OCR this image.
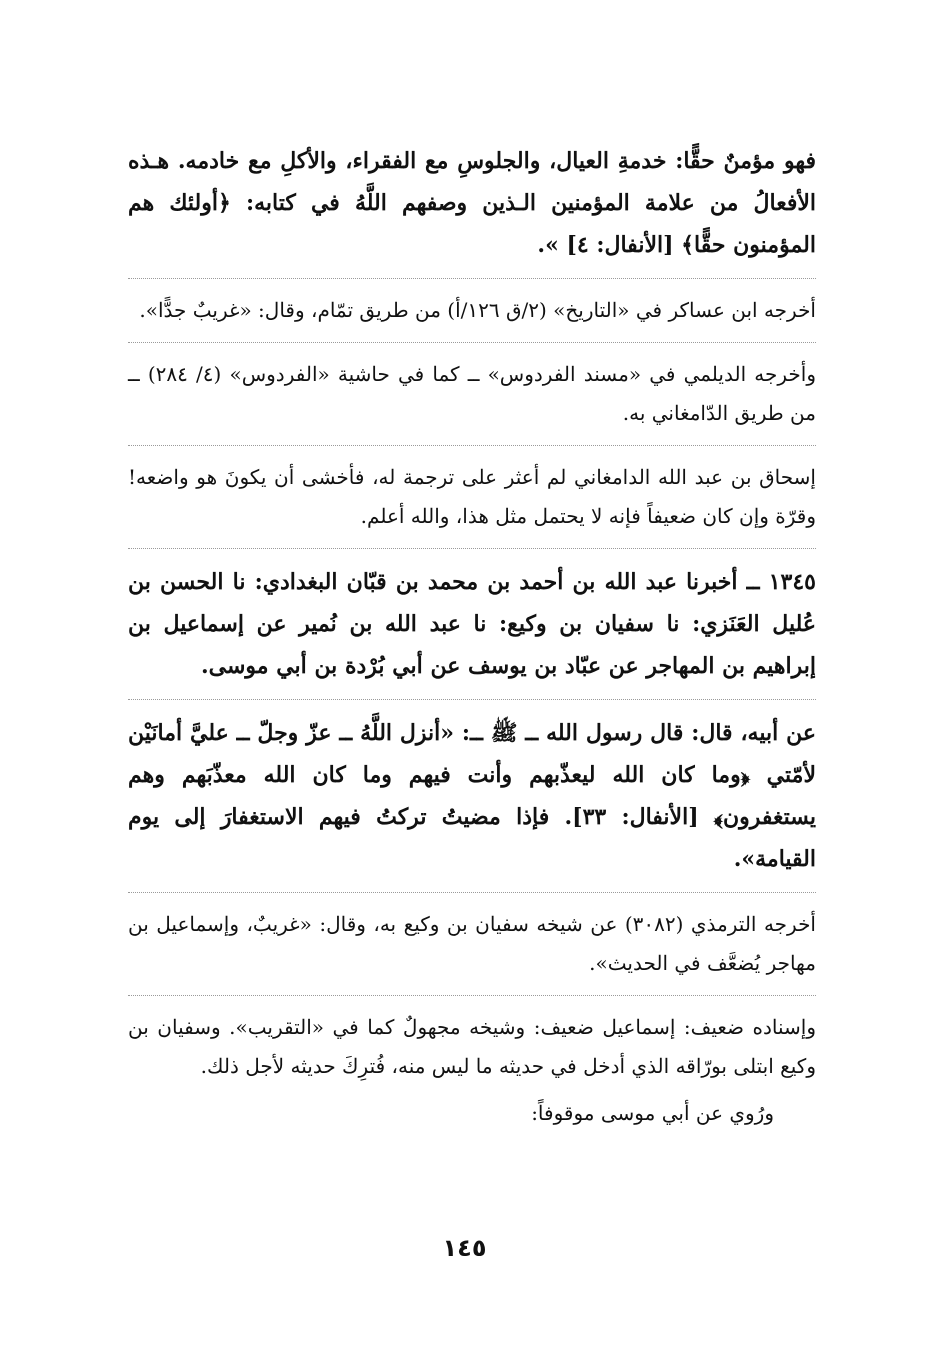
فهو مؤمنٌ حقًّا: خدمةِ العيال، والجلوسِ مع الفقراء، والأكلِ مع خادمه. هـذه الأفعالُ من علامة المؤمنين الـذين وصفهم اللَّهُ في كتابه: ﴿أولئك هم المؤمنون حقًّا﴾ [الأنفال: ٤] ».

أخرجه ابن عساكر في «التاريخ» (٢/ق ١٢٦/أ) من طريق تمّام، وقال: «غريبٌ جدًّا».

وأخرجه الديلمي في «مسند الفردوس» ــ كما في حاشية «الفردوس» (٤/ ٢٨٤) ــ من طريق الدّامغاني به.

إسحاق بن عبد الله الدامغاني لم أعثر على ترجمة له، فأخشى أن يكونَ هو واضعه! وقرّة وإن كان ضعيفاً فإنه لا يحتمل مثل هذا، والله أعلم.

١٣٤٥ ــ أخبرنا عبد الله بن أحمد بن محمد بن قبّان البغدادي: نا الحسن بن عُليل العَنَزي: نا سفيان بن وكيع: نا عبد الله بن نُمير عن إسماعيل بن إبراهيم بن المهاجر عن عبّاد بن يوسف عن أبي بُرْدة بن أبي موسى.

عن أبيه، قال: قال رسول الله ــ ﷺ ــ: «أنزل اللَّهُ ــ عزّ وجلّ ــ عليَّ أمانَيْن لأمّتي ﴿وما كان الله ليعذّبهم وأنت فيهم وما كان الله معذّبَهم وهم يستغفرون﴾ [الأنفال: ٣٣]. فإذا مضيتُ تركتُ فيهم الاستغفارَ إلى يوم القيامة».

أخرجه الترمذي (٣٠٨٢) عن شيخه سفيان بن وكيع به، وقال: «غريبٌ، وإسماعيل بن مهاجر يُضعَّف في الحديث».

وإسناده ضعيف: إسماعيل ضعيف: وشيخه مجهولٌ كما في «التقريب». وسفيان بن وكيع ابتلى بورّاقه الذي أدخل في حديثه ما ليس منه، فُترِكَ حديثه لأجل ذلك.

ورُوي عن أبي موسى موقوفاً:

١٤٥
